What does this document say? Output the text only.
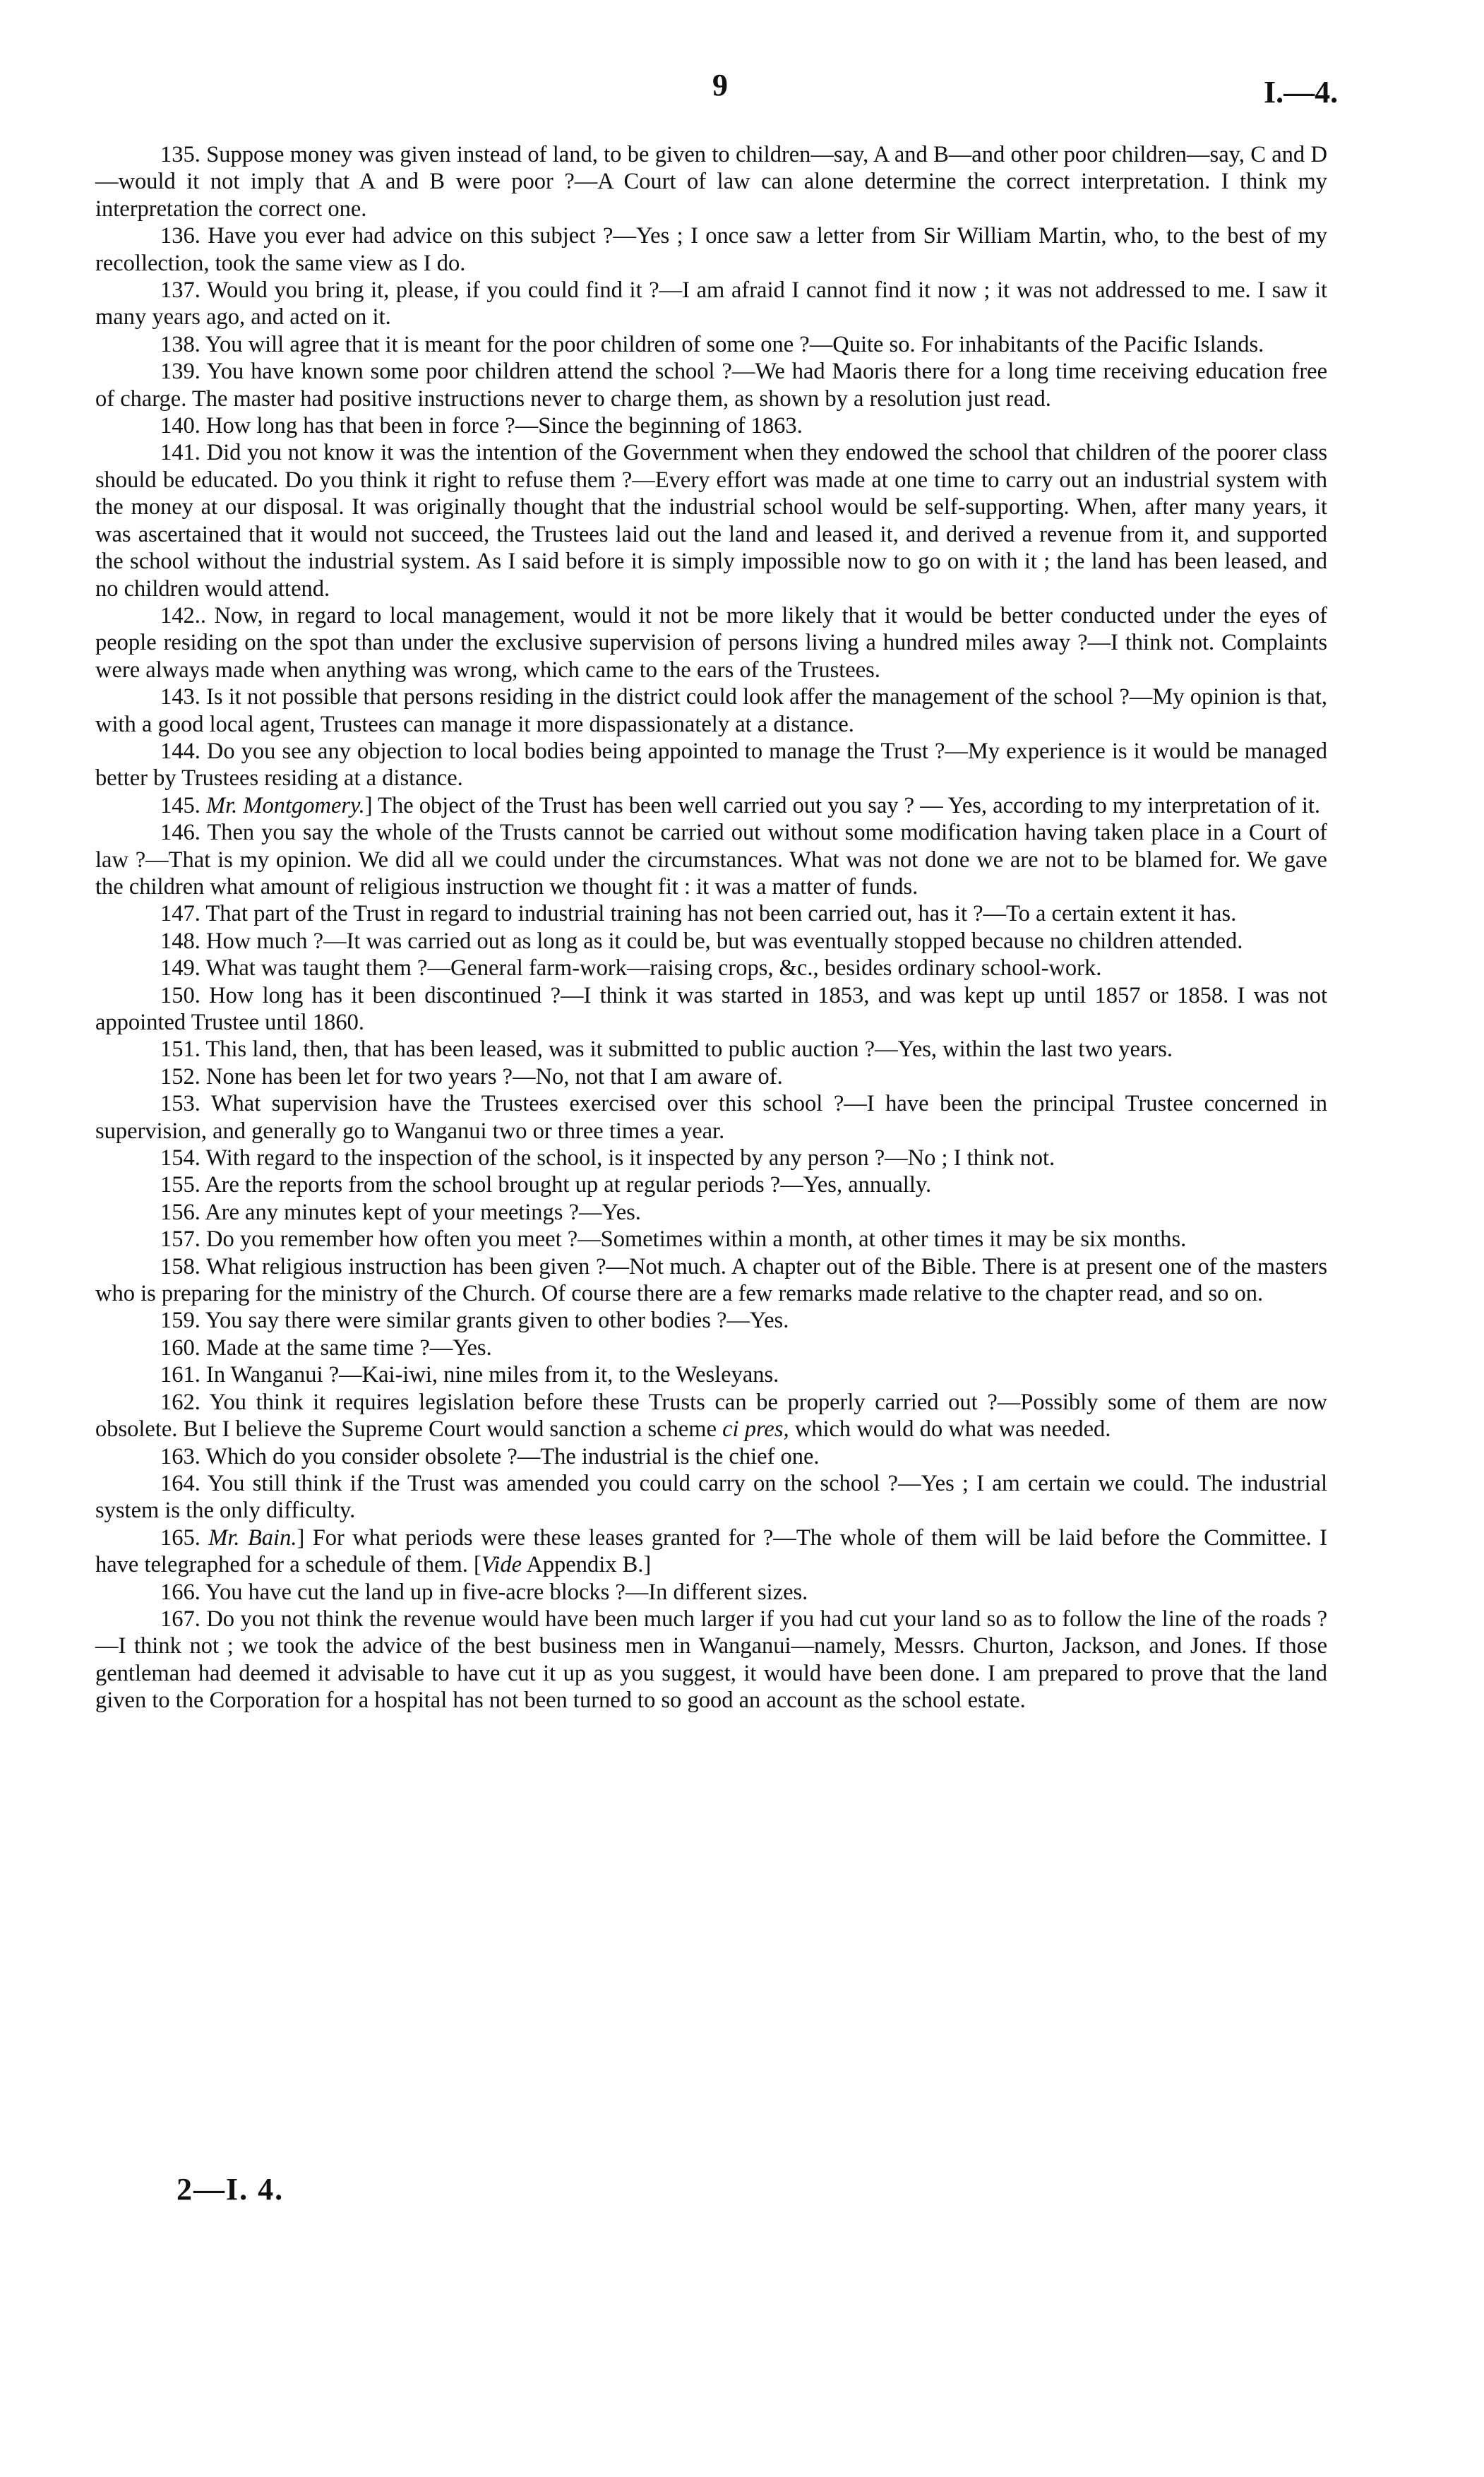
9	I.—4.

135. Suppose money was given instead of land, to be given to children—say, A and B—and other poor children—say, C and D—would it not imply that A and B were poor ?—A Court of law can alone determine the correct interpretation. I think my interpretation the correct one.

136. Have you ever had advice on this subject ?—Yes ; I once saw a letter from Sir William Martin, who, to the best of my recollection, took the same view as I do.

137. Would you bring it, please, if you could find it ?—I am afraid I cannot find it now ; it was not addressed to me. I saw it many years ago, and acted on it.

138. You will agree that it is meant for the poor children of some one ?—Quite so. For inhabitants of the Pacific Islands.

139. You have known some poor children attend the school ?—We had Maoris there for a long time receiving education free of charge. The master had positive instructions never to charge them, as shown by a resolution just read.

140. How long has that been in force ?—Since the beginning of 1863.

141. Did you not know it was the intention of the Government when they endowed the school that children of the poorer class should be educated. Do you think it right to refuse them ?—Every effort was made at one time to carry out an industrial system with the money at our disposal. It was originally thought that the industrial school would be self-supporting. When, after many years, it was ascertained that it would not succeed, the Trustees laid out the land and leased it, and derived a revenue from it, and supported the school without the industrial system. As I said before it is simply impossible now to go on with it ; the land has been leased, and no children would attend.

142.. Now, in regard to local management, would it not be more likely that it would be better conducted under the eyes of people residing on the spot than under the exclusive supervision of persons living a hundred miles away ?—I think not. Complaints were always made when anything was wrong, which came to the ears of the Trustees.

143. Is it not possible that persons residing in the district could look affer the management of the school ?—My opinion is that, with a good local agent, Trustees can manage it more dispassionately at a distance.

144. Do you see any objection to local bodies being appointed to manage the Trust ?—My experience is it would be managed better by Trustees residing at a distance.

145. Mr. Montgomery.] The object of the Trust has been well carried out you say ? — Yes, according to my interpretation of it.

146. Then you say the whole of the Trusts cannot be carried out without some modification having taken place in a Court of law ?—That is my opinion. We did all we could under the circumstances. What was not done we are not to be blamed for. We gave the children what amount of religious instruction we thought fit : it was a matter of funds.

147. That part of the Trust in regard to industrial training has not been carried out, has it ?—To a certain extent it has.

148. How much ?—It was carried out as long as it could be, but was eventually stopped because no children attended.

149. What was taught them ?—General farm-work—raising crops, &c., besides ordinary school-work.

150. How long has it been discontinued ?—I think it was started in 1853, and was kept up until 1857 or 1858. I was not appointed Trustee until 1860.

151. This land, then, that has been leased, was it submitted to public auction ?—Yes, within the last two years.

152. None has been let for two years ?—No, not that I am aware of.

153. What supervision have the Trustees exercised over this school ?—I have been the principal Trustee concerned in supervision, and generally go to Wanganui two or three times a year.

154. With regard to the inspection of the school, is it inspected by any person ?—No ; I think not.

155. Are the reports from the school brought up at regular periods ?—Yes, annually.

156. Are any minutes kept of your meetings ?—Yes.

157. Do you remember how often you meet ?—Sometimes within a month, at other times it may be six months.

158. What religious instruction has been given ?—Not much. A chapter out of the Bible. There is at present one of the masters who is preparing for the ministry of the Church. Of course there are a few remarks made relative to the chapter read, and so on.

159. You say there were similar grants given to other bodies ?—Yes.

160. Made at the same time ?—Yes.

161. In Wanganui ?—Kai-iwi, nine miles from it, to the Wesleyans.

162. You think it requires legislation before these Trusts can be properly carried out ?—Possibly some of them are now obsolete. But I believe the Supreme Court would sanction a scheme ci pres, which would do what was needed.

163. Which do you consider obsolete ?—The industrial is the chief one.

164. You still think if the Trust was amended you could carry on the school ?—Yes ; I am certain we could. The industrial system is the only difficulty.

165. Mr. Bain.] For what periods were these leases granted for ?—The whole of them will be laid before the Committee. I have telegraphed for a schedule of them. [Vide Appendix B.]

166. You have cut the land up in five-acre blocks ?—In different sizes.

167. Do you not think the revenue would have been much larger if you had cut your land so as to follow the line of the roads ?—I think not ; we took the advice of the best business men in Wanganui—namely, Messrs. Churton, Jackson, and Jones. If those gentleman had deemed it advisable to have cut it up as you suggest, it would have been done. I am prepared to prove that the land given to the Corporation for a hospital has not been turned to so good an account as the school estate.

2—I. 4.
